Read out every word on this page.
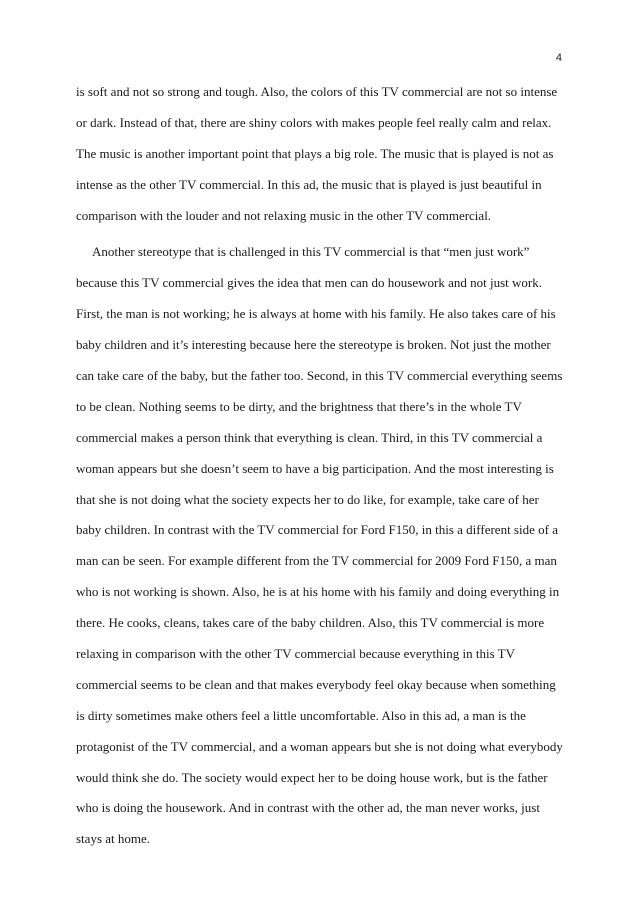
4
is soft and not so strong and tough. Also, the colors of this TV commercial are not so intense
or dark. Instead of that, there are shiny colors with makes people feel really calm and relax.
The music is another important point that plays a big role. The music that is played is not as
intense as the other TV commercial. In this ad, the music that is played is just beautiful in
comparison with the louder and not relaxing music in the other TV commercial.
Another stereotype that is challenged in this TV commercial is that “men just work”
because this TV commercial gives the idea that men can do housework and not just work.
First, the man is not working; he is always at home with his family. He also takes care of his
baby children and it’s interesting because here the stereotype is broken. Not just the mother
can take care of the baby, but the father too. Second, in this TV commercial everything seems
to be clean. Nothing seems to be dirty, and the brightness that there’s in the whole TV
commercial makes a person think that everything is clean. Third, in this TV commercial a
woman appears but she doesn’t seem to have a big participation. And the most interesting is
that she is not doing what the society expects her to do like, for example, take care of her
baby children. In contrast with the TV commercial for Ford F150, in this a different side of a
man can be seen. For example different from the TV commercial for 2009 Ford F150, a man
who is not working is shown. Also, he is at his home with his family and doing everything in
there. He cooks, cleans, takes care of the baby children. Also, this TV commercial is more
relaxing in comparison with the other TV commercial because everything in this TV
commercial seems to be clean and that makes everybody feel okay because when something
is dirty sometimes make others feel a little uncomfortable. Also in this ad, a man is the
protagonist of the TV commercial, and a woman appears but she is not doing what everybody
would think she do. The society would expect her to be doing house work, but is the father
who is doing the housework. And in contrast with the other ad, the man never works, just
stays at home.
